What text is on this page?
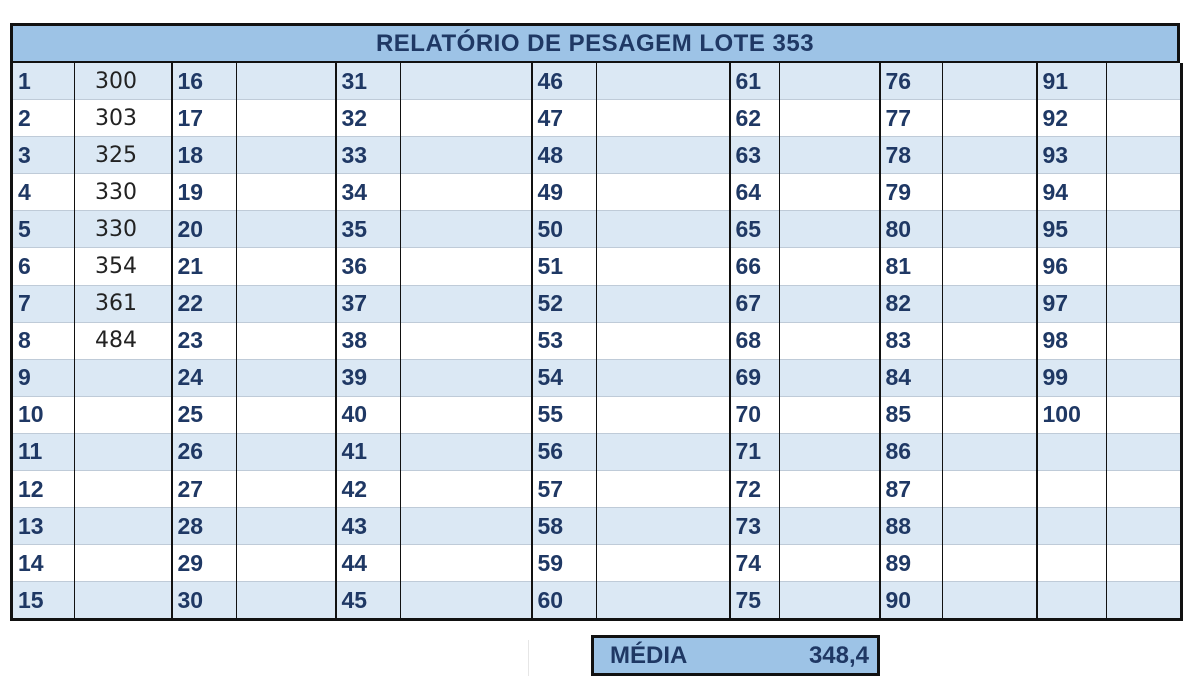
RELATÓRIO DE PESAGEM LOTE 353
1	300	16		31		46		61		76		91	
2	303	17		32		47		62		77		92	
3	325	18		33		48		63		78		93	
4	330	19		34		49		64		79		94	
5	330	20		35		50		65		80		95	
6	354	21		36		51		66		81		96	
7	361	22		37		52		67		82		97	
8	484	23		38		53		68		83		98	
9		24		39		54		69		84		99	
10		25		40		55		70		85		100	
11		26		41		56		71		86			
12		27		42		57		72		87			
13		28		43		58		73		88			
14		29		44		59		74		89			
15		30		45		60		75		90			
MÉDIA	348,4
